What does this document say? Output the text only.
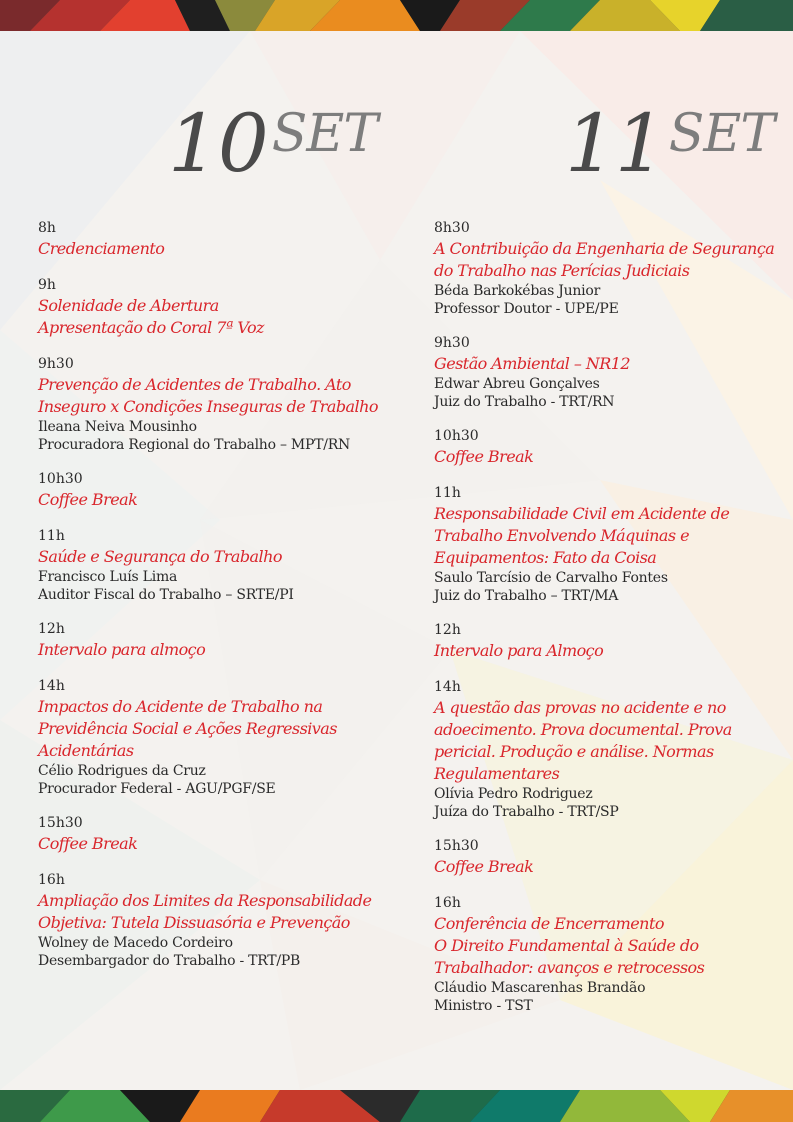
10SET 11SET
8h
Credenciamento
9h
Solenidade de Abertura
Apresentação do Coral 7ª Voz
9h30
Prevenção de Acidentes de Trabalho. Ato
Inseguro x Condições Inseguras de Trabalho
Ileana Neiva Mousinho
Procuradora Regional do Trabalho – MPT/RN
10h30
Coffee Break
11h
Saúde e Segurança do Trabalho
Francisco Luís Lima
Auditor Fiscal do Trabalho – SRTE/PI
12h
Intervalo para almoço
14h
Impactos do Acidente de Trabalho na
Previdência Social e Ações Regressivas
Acidentárias
Célio Rodrigues da Cruz
Procurador Federal - AGU/PGF/SE
15h30
Coffee Break
16h
Ampliação dos Limites da Responsabilidade
Objetiva: Tutela Dissuasória e Prevenção
Wolney de Macedo Cordeiro
Desembargador do Trabalho - TRT/PB
8h30
A Contribuição da Engenharia de Segurança
do Trabalho nas Perícias Judiciais
Béda Barkokébas Junior
Professor Doutor - UPE/PE
9h30
Gestão Ambiental – NR12
Edwar Abreu Gonçalves
Juiz do Trabalho - TRT/RN
10h30
Coffee Break
11h
Responsabilidade Civil em Acidente de
Trabalho Envolvendo Máquinas e
Equipamentos: Fato da Coisa
Saulo Tarcísio de Carvalho Fontes
Juiz do Trabalho – TRT/MA
12h
Intervalo para Almoço
14h
A questão das provas no acidente e no
adoecimento. Prova documental. Prova
pericial. Produção e análise. Normas
Regulamentares
Olívia Pedro Rodriguez
Juíza do Trabalho - TRT/SP
15h30
Coffee Break
16h
Conferência de Encerramento
O Direito Fundamental à Saúde do
Trabalhador: avanços e retrocessos
Cláudio Mascarenhas Brandão
Ministro - TST
